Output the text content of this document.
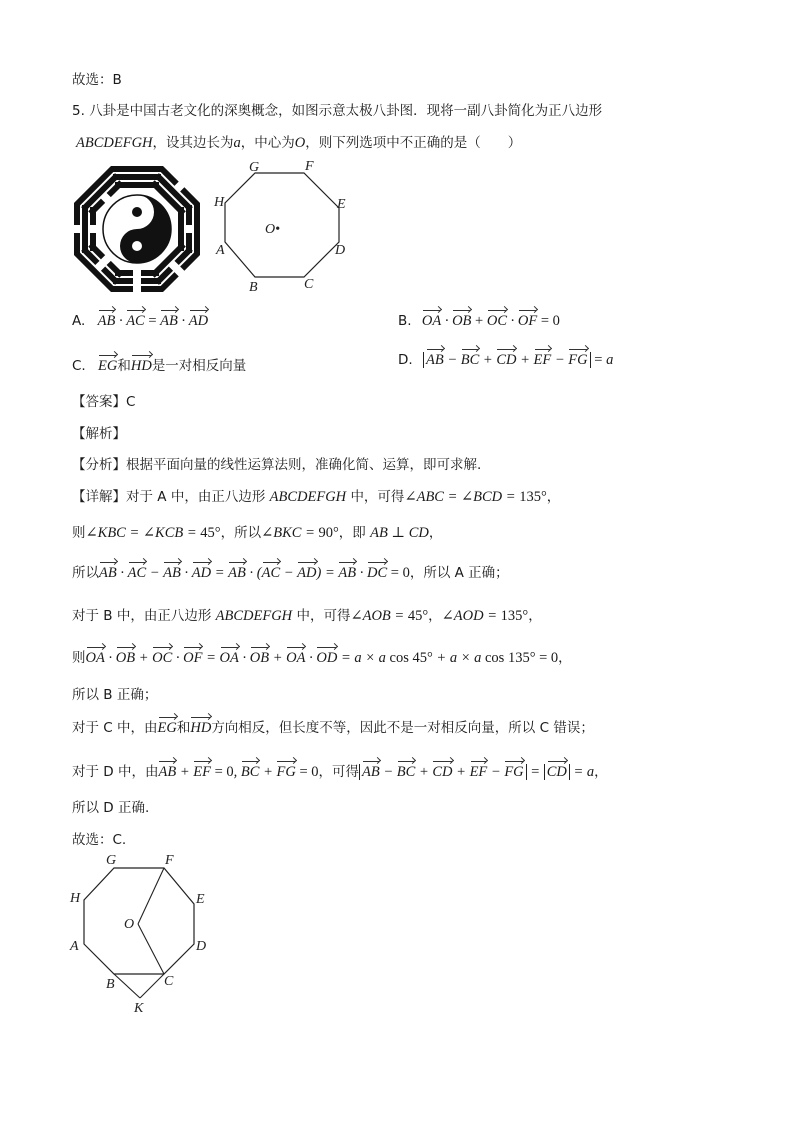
故选：B
5. 八卦是中国古老文化的深奥概念，如图示意太极八卦图．现将一副八卦简化为正八边形
ABCDEFGH，设其边长为a，中心为O，则下列选项中不正确的是（　　）
A
B	C
D
E
F
G
H
O•
A. AB · AC = AB · AD	B. OA · OB + OC · OF = 0
C. EG和HD是一对相反向量	D. AB − BC + CD + EF − FG = a
【答案】C
【解析】
【分析】根据平面向量的线性运算法则，准确化简、运算，即可求解.
【详解】对于 A 中，由正八边形 ABCDEFGH 中，可得∠ABC = ∠BCD = 135°，
则∠KBC = ∠KCB = 45°，所以∠BKC = 90°，即 AB ⊥ CD，
所以AB · AC − AB · AD = AB · (AC − AD) = AB · DC = 0，所以 A 正确；
对于 B 中，由正八边形 ABCDEFGH 中，可得∠AOB = 45°，∠AOD = 135°，
则OA · OB + OC · OF = OA · OB + OA · OD = a × a cos 45° + a × a cos 135° = 0，
所以 B 正确；
对于 C 中，由EG和HD方向相反，但长度不等，因此不是一对相反向量，所以 C 错误；
对于 D 中，由AB + EF = 0, BC + FG = 0，可得 AB − BC + CD + EF − FG = CD = a，
所以 D 正确.
故选：C.
A
B	C
D
E
F
G
H
O
K
